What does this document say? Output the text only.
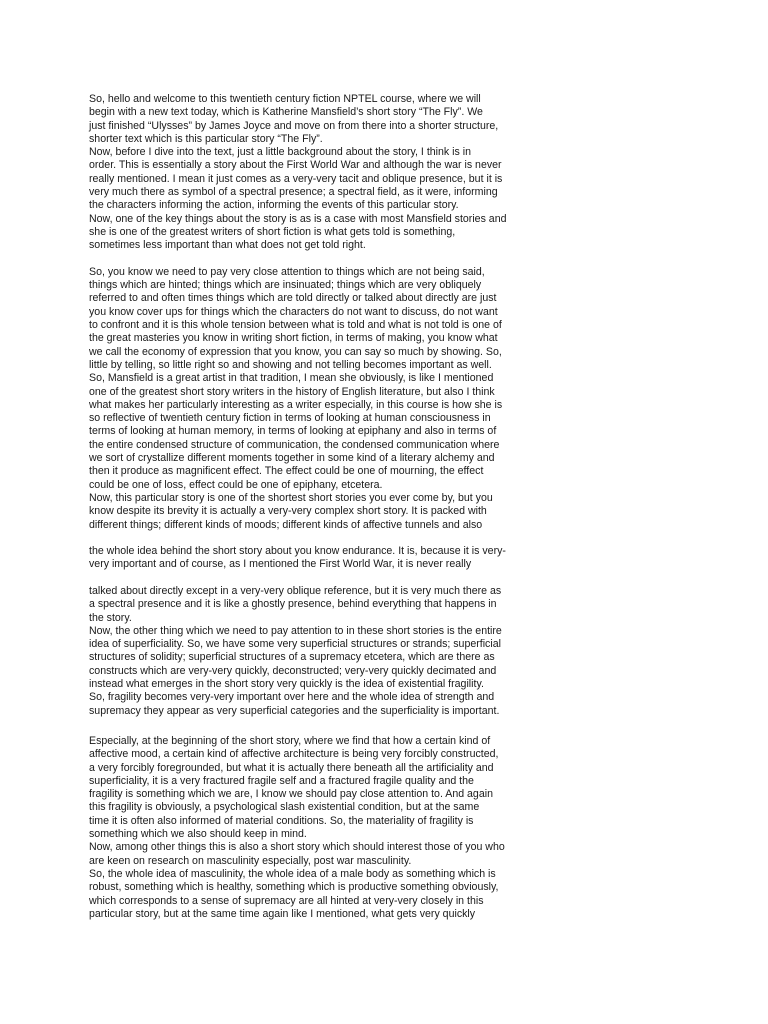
So, hello and welcome to this twentieth century fiction NPTEL course, where we will
begin with a new text today, which is Katherine Mansfield’s short story “The Fly”. We
just finished “Ulysses” by James Joyce and move on from there into a shorter structure,
shorter text which is this particular story “The Fly”.
Now, before I dive into the text, just a little background about the story, I think is in
order. This is essentially a story about the First World War and although the war is never
really mentioned. I mean it just comes as a very-very tacit and oblique presence, but it is
very much there as symbol of a spectral presence; a spectral field, as it were, informing
the characters informing the action, informing the events of this particular story.
Now, one of the key things about the story is as is a case with most Mansfield stories and
she is one of the greatest writers of short fiction is what gets told is something,
sometimes less important than what does not get told right.
So, you know we need to pay very close attention to things which are not being said,
things which are hinted; things which are insinuated; things which are very obliquely
referred to and often times things which are told directly or talked about directly are just
you know cover ups for things which the characters do not want to discuss, do not want
to confront and it is this whole tension between what is told and what is not told is one of
the great masteries you know in writing short fiction, in terms of making, you know what
we call the economy of expression that you know, you can say so much by showing. So,
little by telling, so little right so and showing and not telling becomes important as well.
So, Mansfield is a great artist in that tradition, I mean she obviously, is like I mentioned
one of the greatest short story writers in the history of English literature, but also I think
what makes her particularly interesting as a writer especially, in this course is how she is
so reflective of twentieth century fiction in terms of looking at human consciousness in
terms of looking at human memory, in terms of looking at epiphany and also in terms of
the entire condensed structure of communication, the condensed communication where
we sort of crystallize different moments together in some kind of a literary alchemy and
then it produce as magnificent effect. The effect could be one of mourning, the effect
could be one of loss, effect could be one of epiphany, etcetera.
Now, this particular story is one of the shortest short stories you ever come by, but you
know despite its brevity it is actually a very-very complex short story. It is packed with
different things; different kinds of moods; different kinds of affective tunnels and also
the whole idea behind the short story about you know endurance. It is, because it is very-
very important and of course, as I mentioned the First World War, it is never really
talked about directly except in a very-very oblique reference, but it is very much there as
a spectral presence and it is like a ghostly presence, behind everything that happens in
the story.
Now, the other thing which we need to pay attention to in these short stories is the entire
idea of superficiality. So, we have some very superficial structures or strands; superficial
structures of solidity; superficial structures of a supremacy etcetera, which are there as
constructs which are very-very quickly, deconstructed; very-very quickly decimated and
instead what emerges in the short story very quickly is the idea of existential fragility.
So, fragility becomes very-very important over here and the whole idea of strength and
supremacy they appear as very superficial categories and the superficiality is important.
Especially, at the beginning of the short story, where we find that how a certain kind of
affective mood, a certain kind of affective architecture is being very forcibly constructed,
a very forcibly foregrounded, but what it is actually there beneath all the artificiality and
superficiality, it is a very fractured fragile self and a fractured fragile quality and the
fragility is something which we are, I know we should pay close attention to. And again
this fragility is obviously, a psychological slash existential condition, but at the same
time it is often also informed of material conditions. So, the materiality of fragility is
something which we also should keep in mind.
Now, among other things this is also a short story which should interest those of you who
are keen on research on masculinity especially, post war masculinity.
So, the whole idea of masculinity, the whole idea of a male body as something which is
robust, something which is healthy, something which is productive something obviously,
which corresponds to a sense of supremacy are all hinted at very-very closely in this
particular story, but at the same time again like I mentioned, what gets very quickly
